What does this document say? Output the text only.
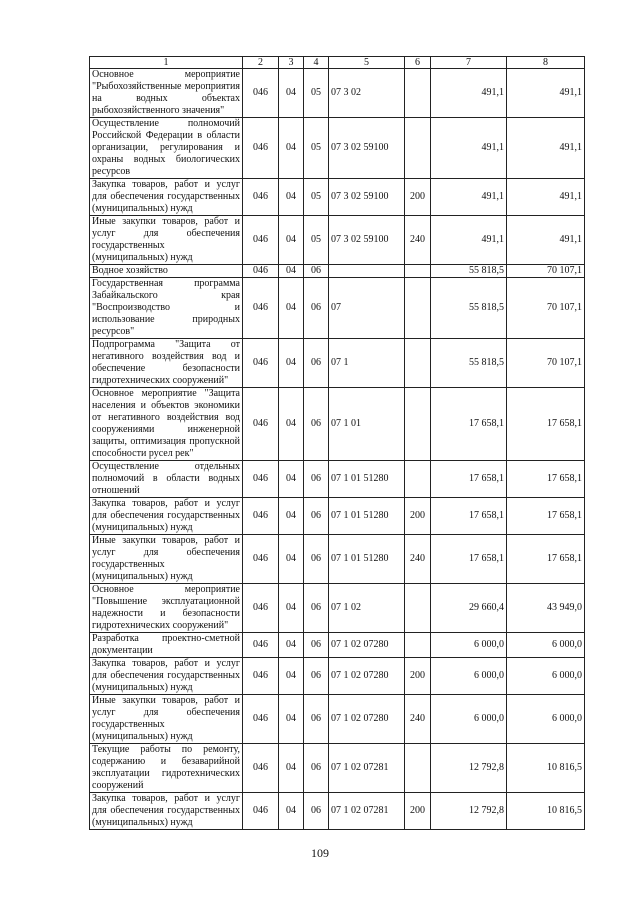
1	2	3	4	5	6	7	8
Основное мероприятие "Рыбохозяйственные мероприятия на водных объектах рыбохозяйственного значения"	046	04	05	07 3 02		491,1	491,1
Осуществление полномочий Российской Федерации в области организации, регулирования и охраны водных биологических ресурсов	046	04	05	07 3 02 59100		491,1	491,1
Закупка товаров, работ и услуг для обеспечения государственных (муниципальных) нужд	046	04	05	07 3 02 59100	200	491,1	491,1
Иные закупки товаров, работ и услуг для обеспечения государственных (муниципальных) нужд	046	04	05	07 3 02 59100	240	491,1	491,1
Водное хозяйство	046	04	06			55 818,5	70 107,1
Государственная программа Забайкальского края "Воспроизводство и использование природных ресурсов"	046	04	06	07		55 818,5	70 107,1
Подпрограмма "Защита от негативного воздействия вод и обеспечение безопасности гидротехнических сооружений"	046	04	06	07 1		55 818,5	70 107,1
Основное мероприятие "Защита населения и объектов экономики от негативного воздействия вод сооружениями инженерной защиты, оптимизация пропускной способности русел рек"	046	04	06	07 1 01		17 658,1	17 658,1
Осуществление отдельных полномочий в области водных отношений	046	04	06	07 1 01 51280		17 658,1	17 658,1
Закупка товаров, работ и услуг для обеспечения государственных (муниципальных) нужд	046	04	06	07 1 01 51280	200	17 658,1	17 658,1
Иные закупки товаров, работ и услуг для обеспечения государственных (муниципальных) нужд	046	04	06	07 1 01 51280	240	17 658,1	17 658,1
Основное мероприятие "Повышение эксплуатационной надежности и безопасности гидротехнических сооружений"	046	04	06	07 1 02		29 660,4	43 949,0
Разработка проектно-сметной документации	046	04	06	07 1 02 07280		6 000,0	6 000,0
Закупка товаров, работ и услуг для обеспечения государственных (муниципальных) нужд	046	04	06	07 1 02 07280	200	6 000,0	6 000,0
Иные закупки товаров, работ и услуг для обеспечения государственных (муниципальных) нужд	046	04	06	07 1 02 07280	240	6 000,0	6 000,0
Текущие работы по ремонту, содержанию и безаварийной эксплуатации гидротехнических сооружений	046	04	06	07 1 02 07281		12 792,8	10 816,5
Закупка товаров, работ и услуг для обеспечения государственных (муниципальных) нужд	046	04	06	07 1 02 07281	200	12 792,8	10 816,5
109
